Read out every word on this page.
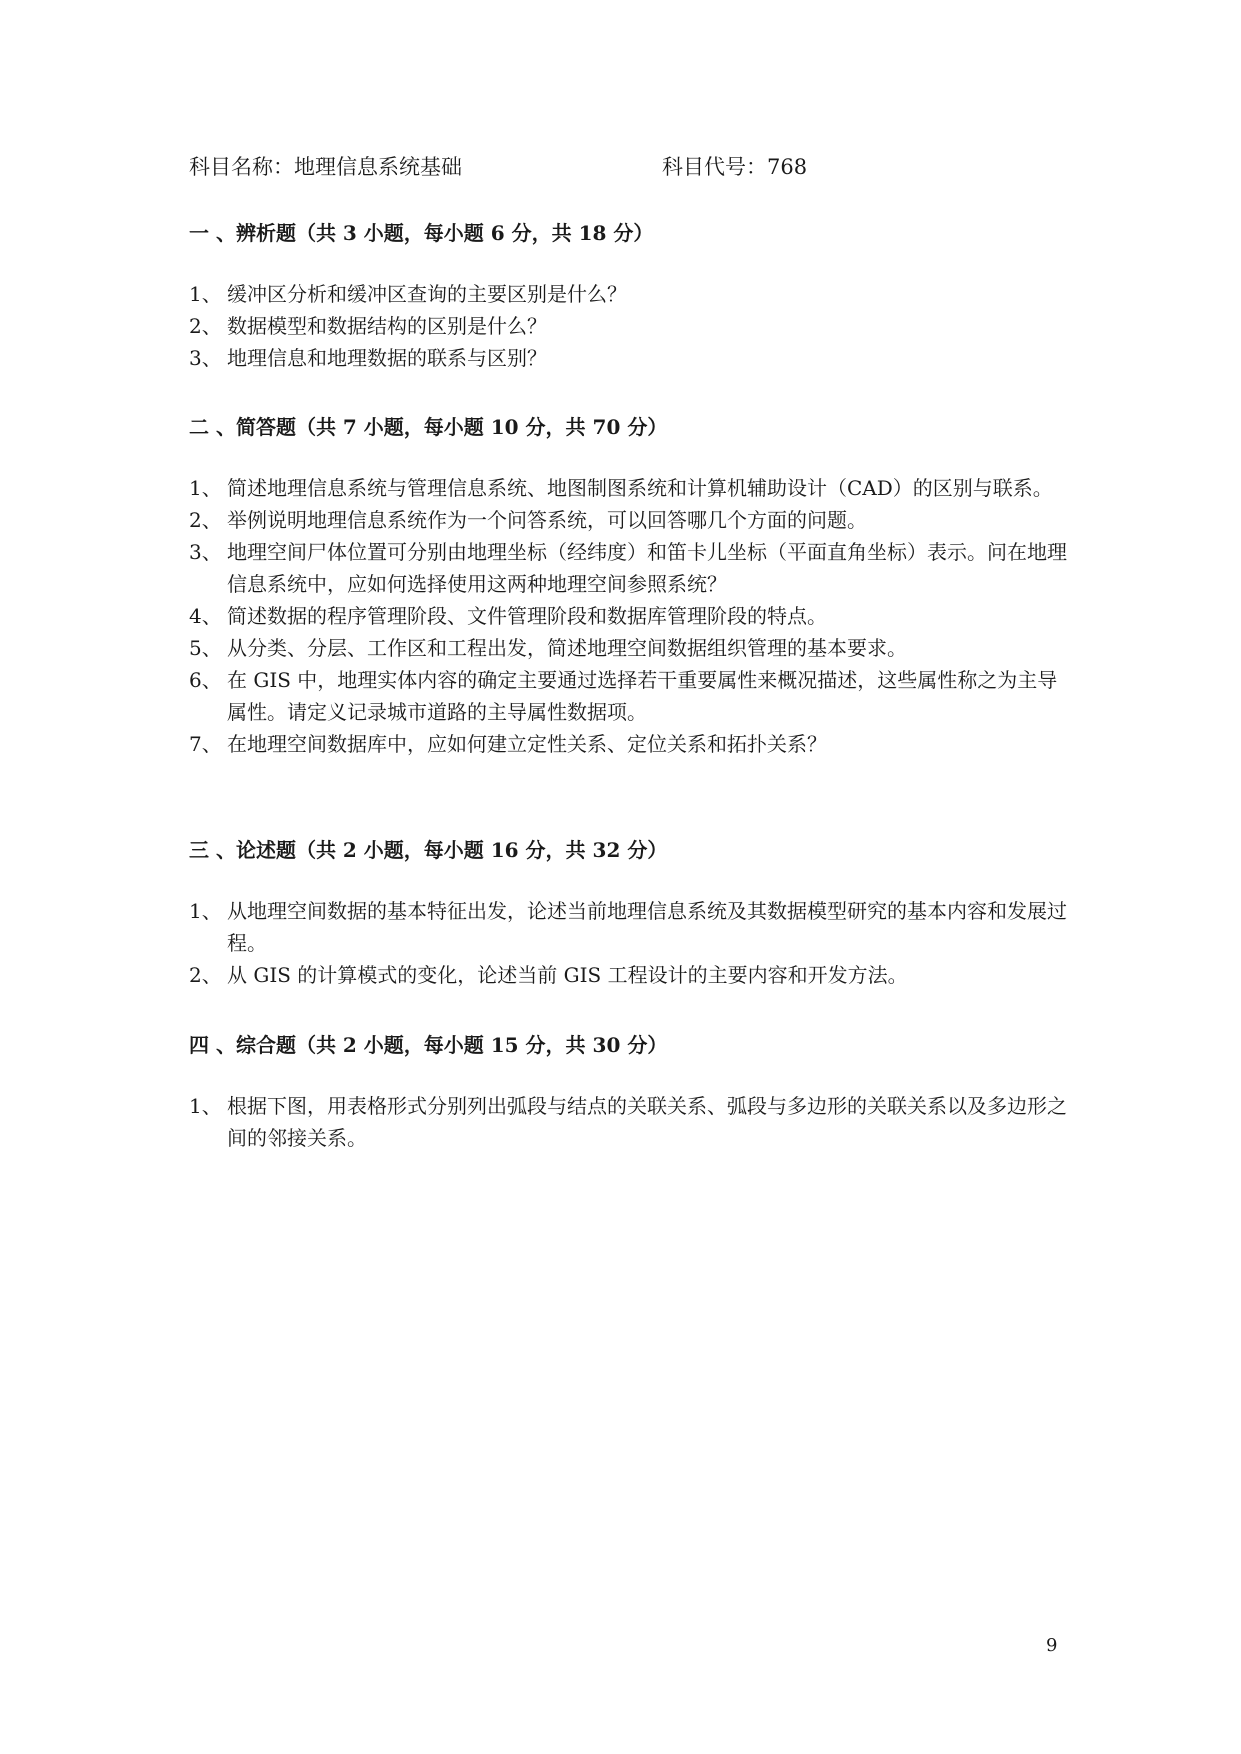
科目名称：地理信息系统基础	科目代号：768
一 、辨析题（共 3 小题，每小题 6 分，共 18 分）
1、 缓冲区分析和缓冲区查询的主要区别是什么？
2、 数据模型和数据结构的区别是什么？
3、 地理信息和地理数据的联系与区别？
二 、简答题（共 7 小题，每小题 10 分，共 70 分）
1、 简述地理信息系统与管理信息系统、地图制图系统和计算机辅助设计（CAD）的区别与联系。
2、 举例说明地理信息系统作为一个问答系统，可以回答哪几个方面的问题。
3、 地理空间尸体位置可分别由地理坐标（经纬度）和笛卡儿坐标（平面直角坐标）表示。问在地理信息系统中，应如何选择使用这两种地理空间参照系统？
4、 简述数据的程序管理阶段、文件管理阶段和数据库管理阶段的特点。
5、 从分类、分层、工作区和工程出发，简述地理空间数据组织管理的基本要求。
6、 在 GIS 中，地理实体内容的确定主要通过选择若干重要属性来概况描述，这些属性称之为主导属性。请定义记录城市道路的主导属性数据项。
7、 在地理空间数据库中，应如何建立定性关系、定位关系和拓扑关系？
三 、论述题（共 2 小题，每小题 16 分，共 32 分）
1、 从地理空间数据的基本特征出发，论述当前地理信息系统及其数据模型研究的基本内容和发展过程。
2、 从 GIS 的计算模式的变化，论述当前 GIS 工程设计的主要内容和开发方法。
四 、综合题（共 2 小题，每小题 15 分，共 30 分）
1、 根据下图，用表格形式分别列出弧段与结点的关联关系、弧段与多边形的关联关系以及多边形之间的邻接关系。
9
